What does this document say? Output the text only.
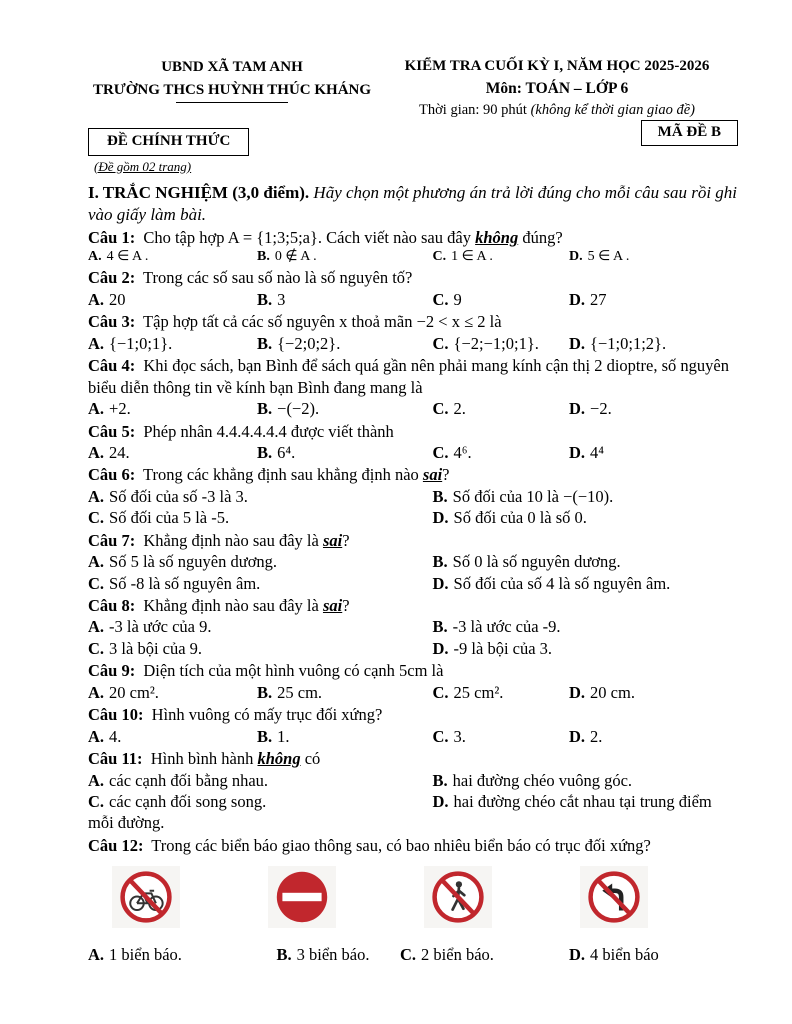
UBND XÃ TAM ANH
TRƯỜNG THCS HUỲNH THÚC KHÁNG
KIỂM TRA CUỐI KỲ I, NĂM HỌC 2025-2026
Môn: TOÁN – LỚP 6
Thời gian: 90 phút (không kể thời gian giao đề)
ĐỀ CHÍNH THỨC
(Đề gồm 02 trang)
MÃ ĐỀ B

I. TRẮC NGHIỆM (3,0 điểm). Hãy chọn một phương án trả lời đúng cho mỗi câu sau rồi ghi vào giấy làm bài.

Câu 1: Cho tập hợp A = {1;3;5;a}. Cách viết nào sau đây không đúng?

A. 4 ∈ A .	B. 0 ∉ A .	C. 1 ∈ A .	D. 5 ∈ A .

Câu 2: Trong các số sau số nào là số nguyên tố?

A. 20	B. 3	C. 9	D. 27

Câu 3: Tập hợp tất cả các số nguyên x thoả mãn −2 < x ≤ 2 là

A. {−1;0;1}.	B. {−2;0;2}.	C. {−2;−1;0;1}. D. {−1;0;1;2}.

Câu 4: Khi đọc sách, bạn Bình để sách quá gần nên phải mang kính cận thị 2 dioptre, số nguyên biểu diễn thông tin về kính bạn Bình đang mang là

A. +2.	B. −(−2).	C. 2.	D. −2.

Câu 5: Phép nhân 4.4.4.4.4.4 được viết thành

A. 24.	B. 6⁴.	C. 4⁶.	D. 4⁴

Câu 6: Trong các khẳng định sau khẳng định nào sai?

A. Số đối của số -3 là 3.	B. Số đối của 10 là −(−10).
C. Số đối của 5 là -5.	D. Số đối của 0 là số 0.

Câu 7: Khẳng định nào sau đây là sai?

A. Số 5 là số nguyên dương.	B. Số 0 là số nguyên dương.
C. Số -8 là số nguyên âm.	D. Số đối của số 4 là số nguyên âm.

Câu 8: Khẳng định nào sau đây là sai?

A. -3 là ước của 9.	B. -3 là ước của -9.
C. 3 là bội của 9.	D. -9 là bội của 3.

Câu 9: Diện tích của một hình vuông có cạnh 5cm là

A. 20 cm².	B. 25 cm.	C. 25 cm².	D. 20 cm.

Câu 10: Hình vuông có mấy trục đối xứng?

A. 4.	B. 1.	C. 3.	D. 2.

Câu 11: Hình bình hành không có

A. các cạnh đối bằng nhau.	B. hai đường chéo vuông góc.
C. các cạnh đối song song.	D. hai đường chéo cắt nhau tại trung điểm mỗi đường.

Câu 12: Trong các biển báo giao thông sau, có bao nhiêu biển báo có trục đối xứng?

A. 1 biển báo.	B. 3 biển báo. C. 2 biển báo.	D. 4 biển báo
